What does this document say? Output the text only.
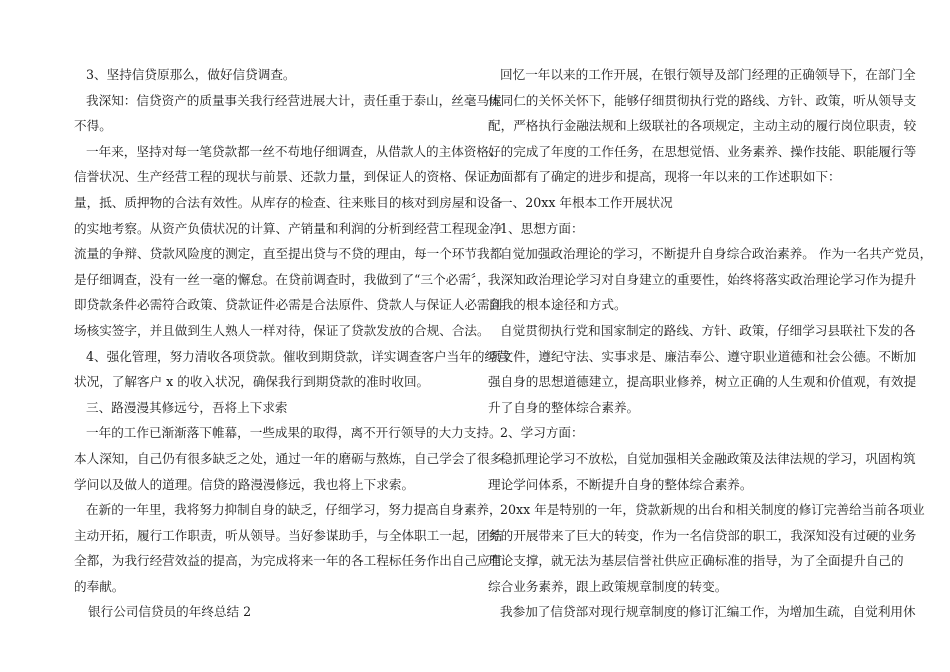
3、坚持信贷原那么，做好信贷调查。
我深知：信贷资产的质量事关我行经营进展大计，责任重于泰山，丝毫马虎
不得。
一年来，坚持对每一笔贷款都一丝不苟地仔细调查，从借款人的主体资格、
信誉状况、生产经营工程的现状与前景、还款力量，到保证人的资格、保证力
量，抵、质押物的合法有效性。从库存的检查、往来账目的核对到房屋和设备
的实地考察。从资产负债状况的计算、产销量和利润的分析到经营工程现金净
流量的争辩、贷款风险度的测定，直至提出贷与不贷的理由，每一个环节我都
是仔细调查，没有一丝一毫的懈怠。在贷前调查时，我做到了“三个必需〞，
即贷款条件必需符合政策、贷款证件必需是合法原件、贷款人与保证人必需到
场核实签字，并且做到生人熟人一样对待，保证了贷款发放的合规、合法。
4、强化管理，努力清收各项贷款。催收到期贷款，详实调查客户当年的经营
状况，了解客户 x 的收入状况，确保我行到期贷款的准时收回。
三、路漫漫其修远兮，吾将上下求索
一年的工作已渐渐落下帷幕，一些成果的取得，离不开行领导的大力支持。
本人深知，自己仍有很多缺乏之处，通过一年的磨砺与熬炼，自己学会了很多
学问以及做人的道理。信贷的路漫漫修远，我也将上下求索。
在新的一年里，我将努力抑制自身的缺乏，仔细学习，努力提高自身素养，
主动开拓，履行工作职责，听从领导。当好参谋助手，与全体职工一起，团结
全都，为我行经营效益的提高，为完成将来一年的各工程标任务作出自己应有
的奉献。
银行公司信贷员的年终总结 2
回忆一年以来的工作开展，在银行领导及部门经理的正确领导下，在部门全
体同仁的关怀关怀下，能够仔细贯彻执行党的路线、方针、政策，听从领导支
配，严格执行金融法规和上级联社的各项规定，主动主动的履行岗位职责，较
好的完成了年度的工作任务，在思想觉悟、业务素养、操作技能、职能履行等
方面都有了确定的进步和提高，现将一年以来的工作述职如下：
一、20xx 年根本工作开展状况
1、思想方面：
自觉加强政治理论的学习，不断提升自身综合政治素养。 作为一名共产党员，
我深知政治理论学习对自身建立的重要性，始终将落实政治理论学习作为提升
自我的根本途径和方式。
自觉贯彻执行党和国家制定的路线、方针、政策，仔细学习县联社下发的各
项文件，遵纪守法、实事求是、廉洁奉公、遵守职业道德和社会公德。不断加
强自身的思想道德建立，提高职业修养，树立正确的人生观和价值观，有效提
升了自身的整体综合素养。
2、学习方面：
稳抓理论学习不放松，自觉加强相关金融政策及法律法规的学习，巩固构筑
理论学问体系，不断提升自身的整体综合素养。
20xx 年是特别的一年，贷款新规的出台和相关制度的修订完善给当前各项业
务的开展带来了巨大的转变，作为一名信贷部的职工，我深知没有过硬的业务
理论支撑，就无法为基层信誉社供应正确标准的指导，为了全面提升自己的
综合业务素养，跟上政策规章制度的转变。
我参加了信贷部对现行规章制度的修订汇编工作，为增加生疏，自觉利用休
